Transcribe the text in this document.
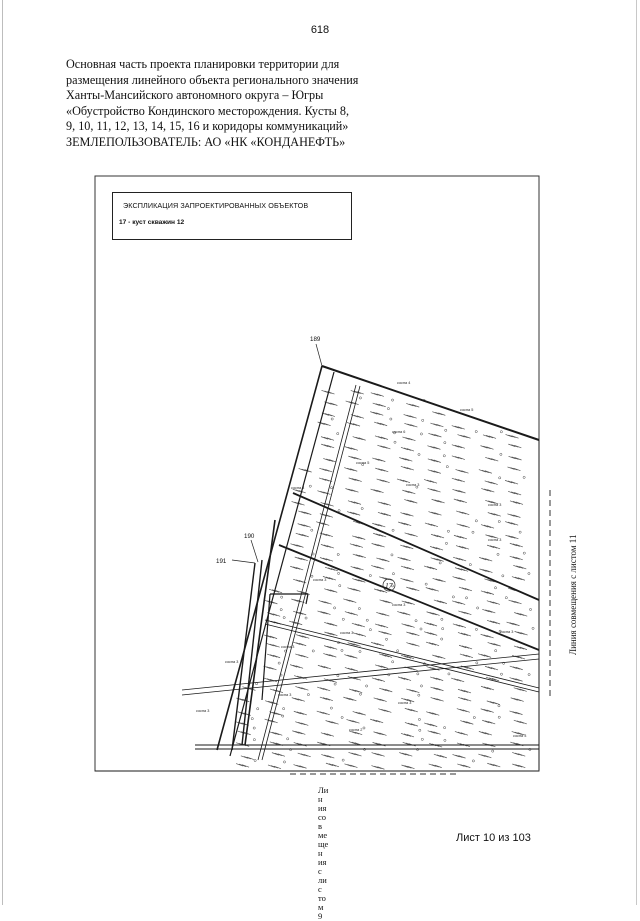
618
Основная часть проекта планировки территории для
размещения линейного объекта регионального значения
Ханты-Мансийского автономного округа – Югры
«Обустройство Кондинского месторождения. Кусты 8,
9, 10, 11, 12, 13, 14, 15, 16 и коридоры коммуникаций»
ЗЕМЛЕПОЛЬЗОВАТЕЛЬ: АО «НК «КОНДАНЕФТЬ»
189
190
191
17
сосна 4
сосна 5
сосна 6
сосна 5
сосна 3
сосна 4
сосна 3
сосна 3
сосна 3
сосна 3
сосна 3
сосна 3
сосна 3
сосна 3
сосна 3
сосна 3
сосна 2
сосна 3
сосна 3
ЭКСПЛИКАЦИЯ ЗАПРОЕКТИРОВАННЫХ ОБЪЕКТОВ
17 - куст скважин 12
Линия совмещения с листом 11
Лин
ия
сов
ме
щен
ия с
лис
том
9
Лист 10 из 103
